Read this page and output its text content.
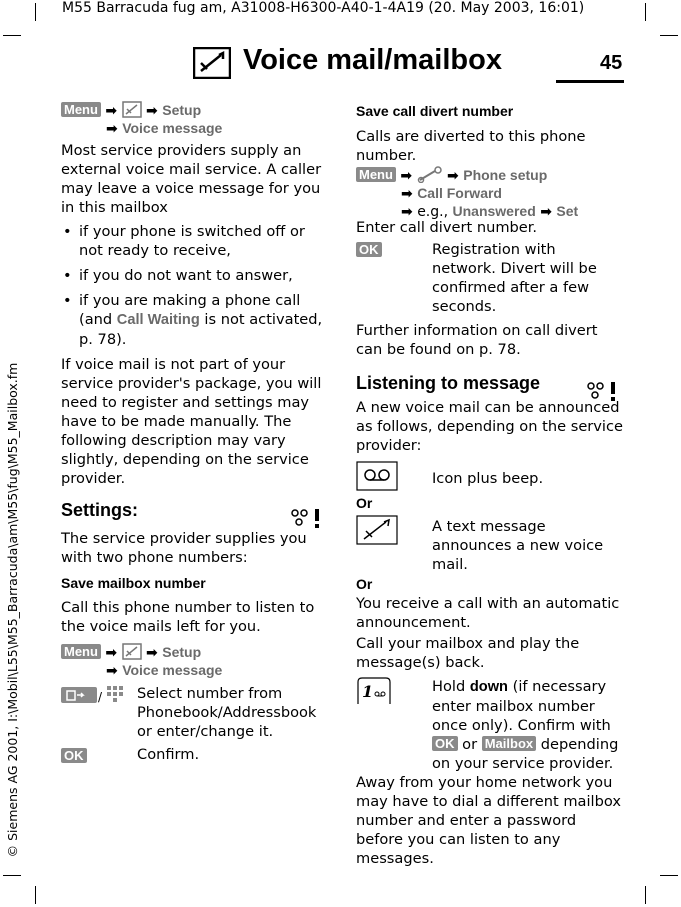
M55 Barracuda fug am, A31008-H6300-A40-1-4A19 (20. May 2003, 16:01)
© Siemens AG 2001, I:\Mobil\L55\M55_Barracuda\am\M55\fug\M55_Mailbox.fm
Voice mail/mailbox	45
Menu ➡ ➡ Setup
➡ Voice message
Most service providers supply an external voice mail service. A caller may leave a voice message for you in this mailbox
• if your phone is switched off or not ready to receive,
• if you do not want to answer,
• if you are making a phone call (and Call Waiting is not activated, p. 78).
If voice mail is not part of your service provider's package, you will need to register and settings may have to be made manually. The following description may vary slightly, depending on the service provider.
Settings:
The service provider supplies you with two phone numbers:
Save mailbox number
Call this phone number to listen to the voice mails left for you.
Menu ➡ ➡ Setup
➡ Voice message
/ Select number from Phonebook/Addressbook or enter/change it.
OK	Confirm.
Save call divert number
Calls are diverted to this phone number.
Menu ➡ ➡ Phone setup
➡ Call Forward
➡ e.g., Unanswered ➡ Set
Enter call divert number.
OK	Registration with network. Divert will be confirmed after a few seconds.
Further information on call divert can be found on p. 78.
Listening to message
A new voice mail can be announced as follows, depending on the service provider:
Icon plus beep.
Or
A text message announces a new voice mail.
Or
You receive a call with an automatic announcement.
Call your mailbox and play the message(s) back.
1	Hold down (if necessary enter mailbox number once only). Confirm with OK or Mailbox depending on your service provider.
Away from your home network you may have to dial a different mailbox number and enter a password before you can listen to any messages.
